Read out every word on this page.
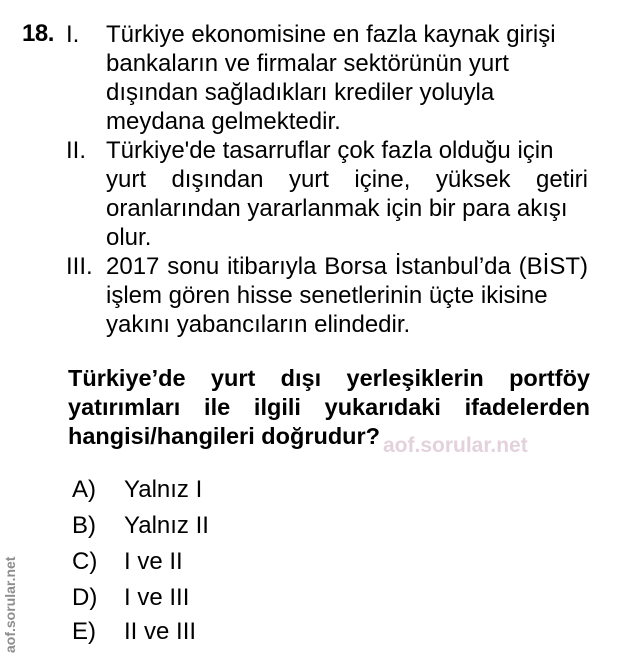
18. I. Türkiye ekonomisine en fazla kaynak girişi
bankaların ve firmalar sektörünün yurt
dışından sağladıkları krediler yoluyla
meydana gelmektedir.
II. Türkiye'de tasarruflar çok fazla olduğu için
yurt dışından yurt içine, yüksek getiri
oranlarından yararlanmak için bir para akışı
olur.
III. 2017 sonu itibarıyla Borsa İstanbul’da (BİST)
işlem gören hisse senetlerinin üçte ikisine
yakını yabancıların elindedir.
Türkiye’de yurt dışı yerleşiklerin portföy
yatırımları ile ilgili yukarıdaki ifadelerden
hangisi/hangileri doğrudur? aof.sorular.net
A) Yalnız I
B) Yalnız II
C) I ve II
D) I ve III
E) II ve III
aof.sorular.net
